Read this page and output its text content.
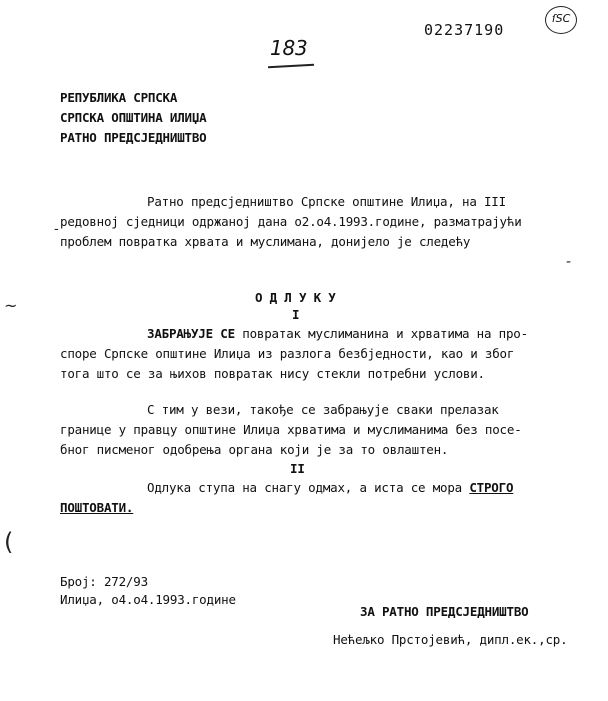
02237190
ſSC
183
РЕПУБЛИКА СРПСКА
СРПСКА ОПШТИНА ИЛИЏА
РАТНО ПРЕДСЈЕДНИШТВО
Ратно предсједништво Српске општине Илиџа, на III
редовној сједници одржаној дана о2.о4.1993.године, разматрајући
проблем повратка хрвата и муслимана, донијело је следећу
О Д Л У К У
I
ЗАБРАЊУЈЕ СЕ повратак муслиманина и хрватима на про-
споре Српске општине Илиџа из разлога безбједности, као и због
тога што се за њихов повратак нису стекли потребни услови.
С тим у вези, такође се забрањује сваки прелазак
границе у правцу општине Илиџа хрватима и муслиманима без посе-
бног писменог одобрења органа који је за то овлаштен.
II
Одлука ступа на снагу одмах, а иста се мора СТРОГО
ПОШТОВАТИ.
Број: 272/93
Илиџа, о4.о4.1993.године
ЗА РАТНО ПРЕДСЈЕДНИШТВО
Нећељко Прстојевић, дипл.ек.,ср.
-
-
~
(
